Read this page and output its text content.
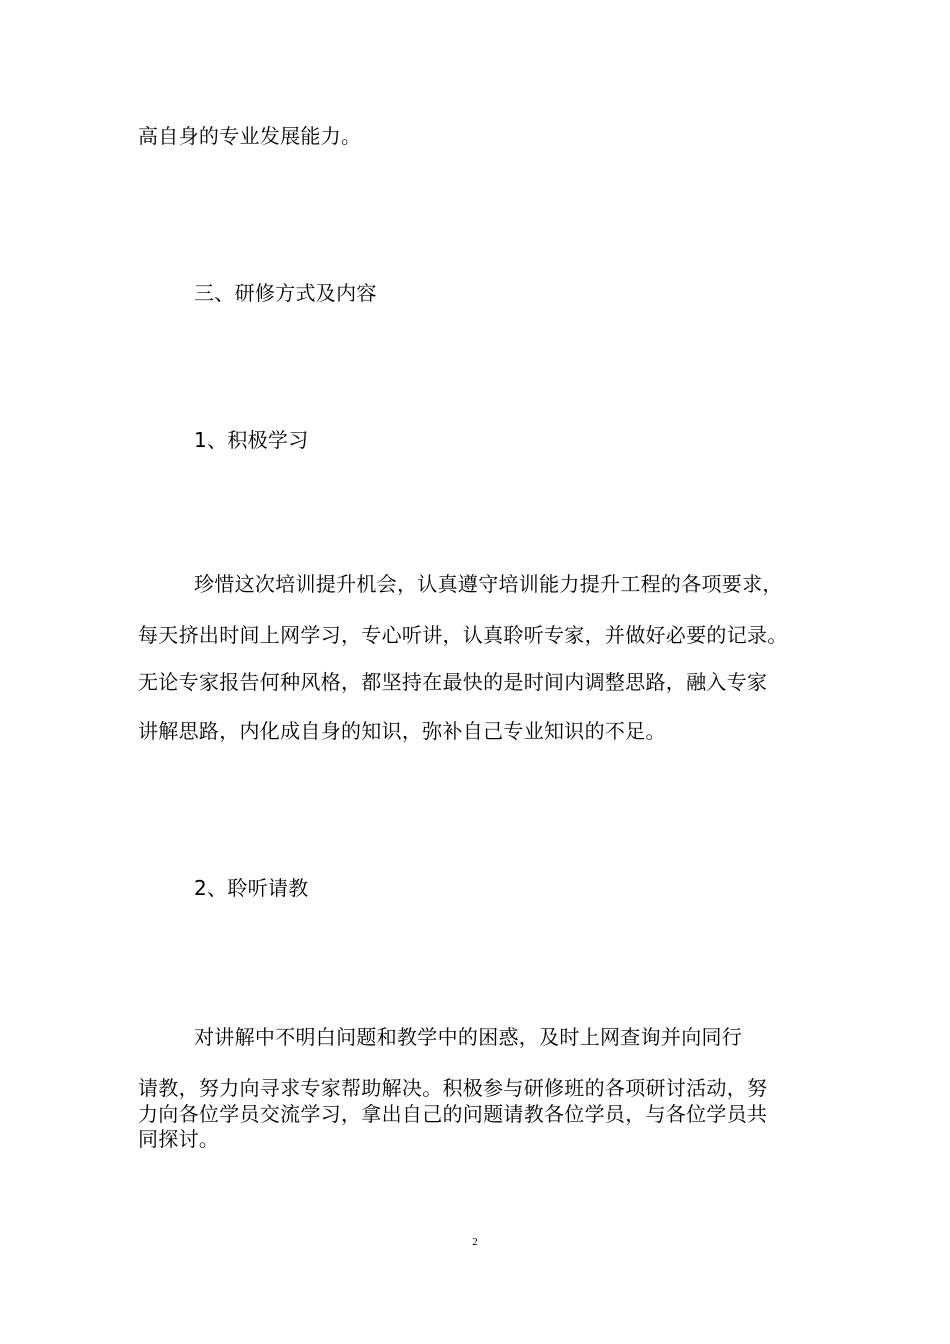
高自身的专业发展能力。
三、研修方式及内容
1、积极学习
珍惜这次培训提升机会，认真遵守培训能力提升工程的各项要求，
每天挤出时间上网学习，专心听讲，认真聆听专家，并做好必要的记录。
无论专家报告何种风格，都坚持在最快的是时间内调整思路，融入专家
讲解思路，内化成自身的知识，弥补自己专业知识的不足。
2、聆听请教
对讲解中不明白问题和教学中的困惑，及时上网查询并向同行
请教，努力向寻求专家帮助解决。积极参与研修班的各项研讨活动，努
力向各位学员交流学习，拿出自己的问题请教各位学员，与各位学员共
同探讨。
2
